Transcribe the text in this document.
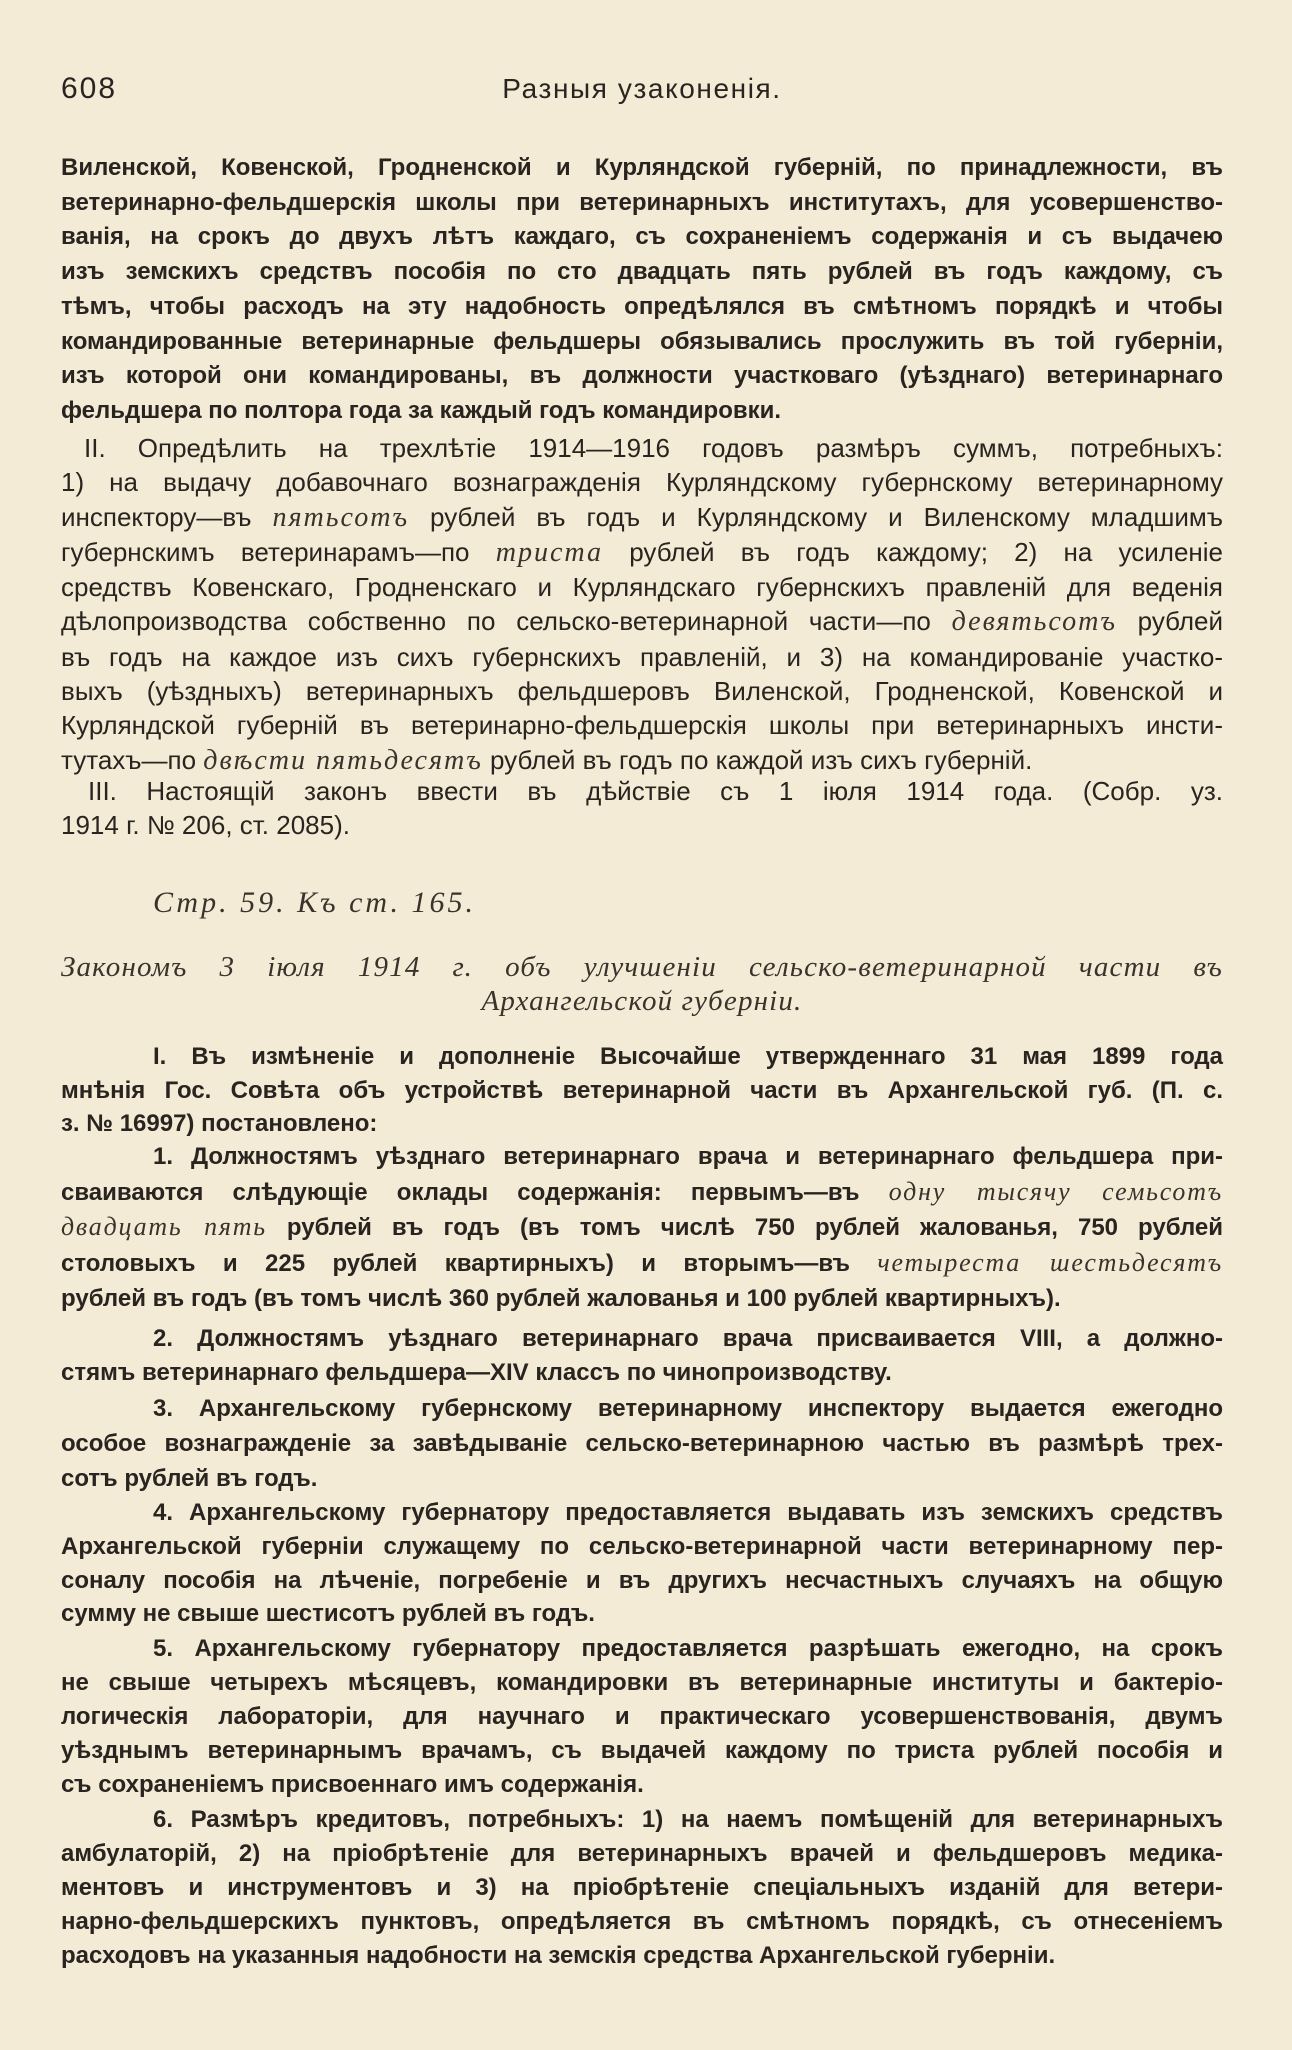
608	Разныя узаконенія.
Виленской, Ковенской, Гродненской и Курляндской губерній, по принадлежности, въ
ветеринарно-фельдшерскія школы при ветеринарныхъ институтахъ, для усовершенство-
ванія, на срокъ до двухъ лѣтъ каждаго, съ сохраненіемъ содержанія и съ выдачею
изъ земскихъ средствъ пособія по сто двадцать пять рублей въ годъ каждому, съ
тѣмъ, чтобы расходъ на эту надобность опредѣлялся въ смѣтномъ порядкѣ и чтобы
командированные ветеринарные фельдшеры обязывались прослужить въ той губерніи,
изъ которой они командированы, въ должности участковаго (уѣзднаго) ветеринарнаго
фельдшера по полтора года за каждый годъ командировки.
II. Опредѣлить на трехлѣтіе 1914—1916 годовъ размѣръ суммъ, потребныхъ:
1) на выдачу добавочнаго вознагражденія Курляндскому губернскому ветеринарному
инспектору—въ пятьсотъ рублей въ годъ и Курляндскому и Виленскому младшимъ
губернскимъ ветеринарамъ—по триста рублей въ годъ каждому; 2) на усиленіе
средствъ Ковенскаго, Гродненскаго и Курляндскаго губернскихъ правленій для веденія
дѣлопроизводства собственно по сельско-ветеринарной части—по девятьсотъ рублей
въ годъ на каждое изъ сихъ губернскихъ правленій, и 3) на командированіе участко-
выхъ (уѣздныхъ) ветеринарныхъ фельдшеровъ Виленской, Гродненской, Ковенской и
Курляндской губерній въ ветеринарно-фельдшерскія школы при ветеринарныхъ инсти-
тутахъ—по двѣсти пятьдесятъ рублей въ годъ по каждой изъ сихъ губерній.
III. Настоящій законъ ввести въ дѣйствіе съ 1 іюля 1914 года. (Собр. уз.
1914 г. № 206, ст. 2085).
Стр. 59. Къ ст. 165.
Закономъ 3 іюля 1914 г. объ улучшеніи сельско-ветеринарной части въ
Архангельской губерніи.
I. Въ измѣненіе и дополненіе Высочайше утвержденнаго 31 мая 1899 года
мнѣнія Гос. Совѣта объ устройствѣ ветеринарной части въ Архангельской губ. (П. с.
з. № 16997) постановлено:
1. Должностямъ уѣзднаго ветеринарнаго врача и ветеринарнаго фельдшера при-
сваиваются слѣдующіе оклады содержанія: первымъ—въ одну тысячу семьсотъ
двадцать пять рублей въ годъ (въ томъ числѣ 750 рублей жалованья, 750 рублей
столовыхъ и 225 рублей квартирныхъ) и вторымъ—въ четыреста шестьдесятъ
рублей въ годъ (въ томъ числѣ 360 рублей жалованья и 100 рублей квартирныхъ).
2. Должностямъ уѣзднаго ветеринарнаго врача присваивается VIII, а должно-
стямъ ветеринарнаго фельдшера—XIV классъ по чинопроизводству.
3. Архангельскому губернскому ветеринарному инспектору выдается ежегодно
особое вознагражденіе за завѣдываніе сельско-ветеринарною частью въ размѣрѣ трех-
сотъ рублей въ годъ.
4. Архангельскому губернатору предоставляется выдавать изъ земскихъ средствъ
Архангельской губерніи служащему по сельско-ветеринарной части ветеринарному пер-
соналу пособія на лѣченіе, погребеніе и въ другихъ несчастныхъ случаяхъ на общую
сумму не свыше шестисотъ рублей въ годъ.
5. Архангельскому губернатору предоставляется разрѣшать ежегодно, на срокъ
не свыше четырехъ мѣсяцевъ, командировки въ ветеринарные институты и бактеріо-
логическія лабораторіи, для научнаго и практическаго усовершенствованія, двумъ
уѣзднымъ ветеринарнымъ врачамъ, съ выдачей каждому по триста рублей пособія и
съ сохраненіемъ присвоеннаго имъ содержанія.
6. Размѣръ кредитовъ, потребныхъ: 1) на наемъ помѣщеній для ветеринарныхъ
амбулаторій, 2) на пріобрѣтеніе для ветеринарныхъ врачей и фельдшеровъ медика-
ментовъ и инструментовъ и 3) на пріобрѣтеніе спеціальныхъ изданій для ветери-
нарно-фельдшерскихъ пунктовъ, опредѣляется въ смѣтномъ порядкѣ, съ отнесеніемъ
расходовъ на указанныя надобности на земскія средства Архангельской губерніи.
